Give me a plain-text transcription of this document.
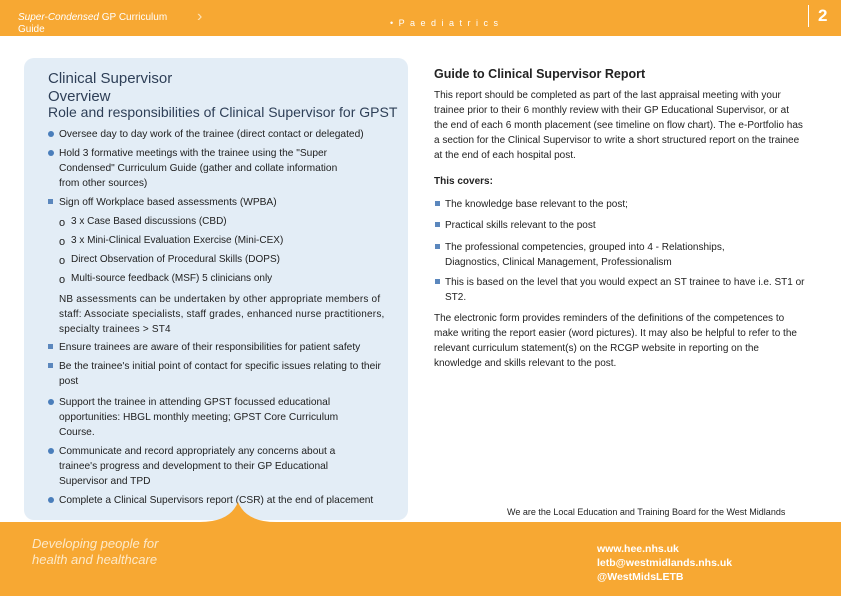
Super-Condensed GP Curriculum Guide
›	• P a e d i a t r i c s	2
Clinical Supervisor Overview
Role and responsibilities of Clinical Supervisor for GPST
Oversee day to day work of the trainee (direct contact or delegated)
Hold 3 formative meetings with the trainee using the "Super Condensed" Curriculum Guide (gather and collate information from other sources)
Sign off Workplace based assessments (WPBA)
o 3 x Case Based discussions (CBD)
o 3 x Mini-Clinical Evaluation Exercise (Mini-CEX)
o Direct Observation of Procedural Skills (DOPS)
o Multi-source feedback (MSF) 5 clinicians only
NB assessments can be undertaken by other appropriate members of staff: Associate specialists, staff grades, enhanced nurse practitioners, specialty trainees > ST4
Ensure trainees are aware of their responsibilities for patient safety
Be the trainee's initial point of contact for specific issues relating to their post
Support the trainee in attending GPST focussed educational opportunities: HBGL monthly meeting; GPST Core Curriculum Course.
Communicate and record appropriately any concerns about a trainee's progress and development to their GP Educational Supervisor and TPD
Complete a Clinical Supervisors report (CSR) at the end of placement
Guide to Clinical Supervisor Report
This report should be completed as part of the last appraisal meeting with your trainee prior to their 6 monthly review with their GP Educational Supervisor, or at the end of each 6 month placement (see timeline on flow chart). The e-Portfolio has a section for the Clinical Supervisor to write a short structured report on the trainee at the end of each hospital post.
This covers:
The knowledge base relevant to the post;
Practical skills relevant to the post
The professional competencies, grouped into 4 - Relationships, Diagnostics, Clinical Management, Professionalism
This is based on the level that you would expect an ST trainee to have i.e. ST1 or ST2.
The electronic form provides reminders of the definitions of the competences to make writing the report easier (word pictures). It may also be helpful to refer to the relevant curriculum statement(s) on the RCGP website in reporting on the knowledge and skills relevant to the post.
We are the Local Education and Training Board for the West Midlands
Developing people for health and healthcare
www.hee.nhs.uk
letb@westmidlands.nhs.uk
@WestMidsLETB
